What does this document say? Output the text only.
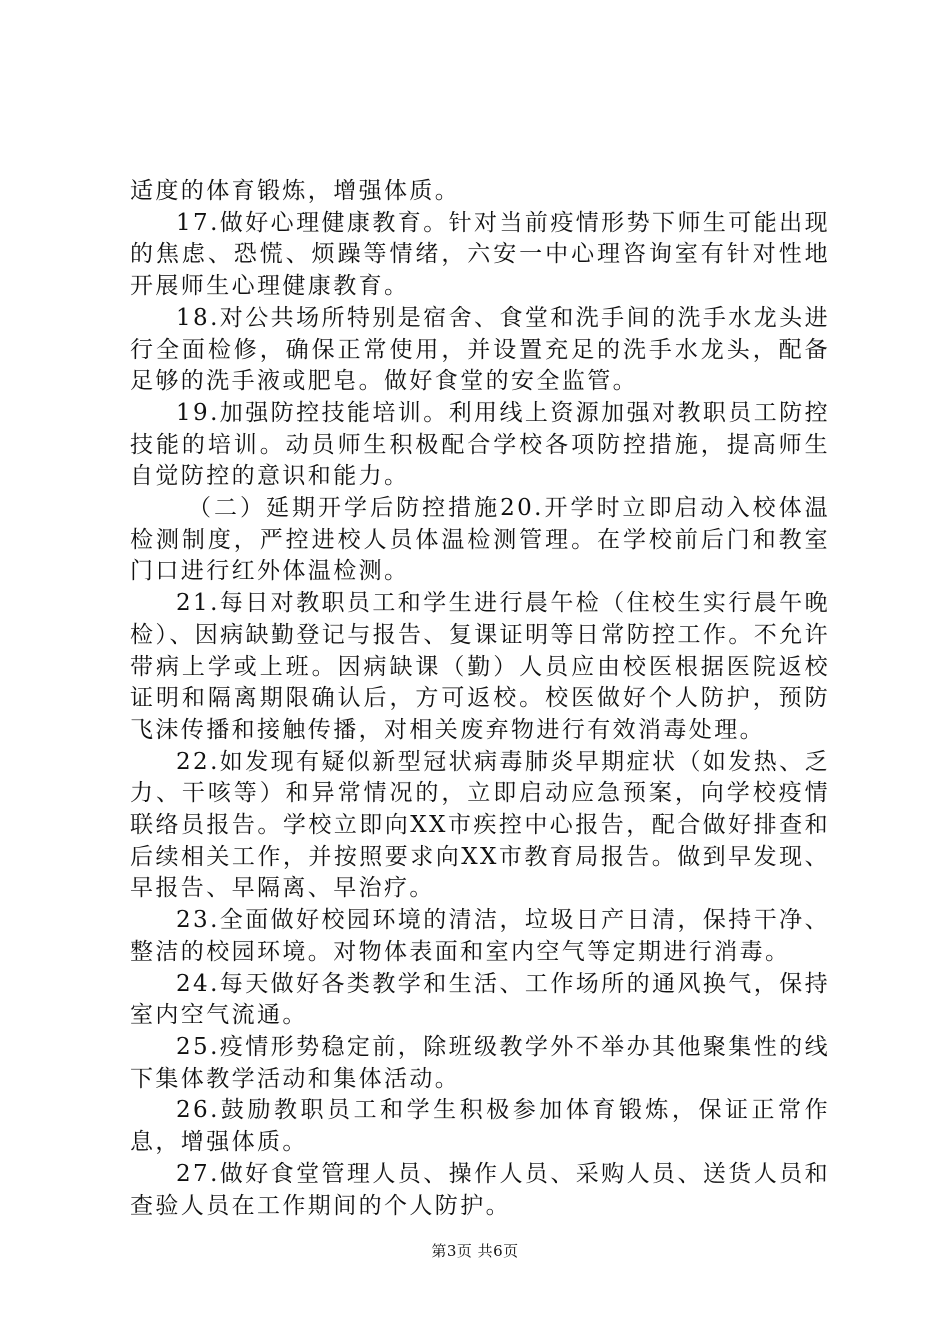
适度的体育锻炼，增强体质。

17.做好心理健康教育。针对当前疫情形势下师生可能出现的焦虑、恐慌、烦躁等情绪，六安一中心理咨询室有针对性地开展师生心理健康教育。

18.对公共场所特别是宿舍、食堂和洗手间的洗手水龙头进行全面检修，确保正常使用，并设置充足的洗手水龙头，配备足够的洗手液或肥皂。做好食堂的安全监管。

19.加强防控技能培训。利用线上资源加强对教职员工防控技能的培训。动员师生积极配合学校各项防控措施，提高师生自觉防控的意识和能力。

（二）延期开学后防控措施20.开学时立即启动入校体温检测制度，严控进校人员体温检测管理。在学校前后门和教室门口进行红外体温检测。

21.每日对教职员工和学生进行晨午检（住校生实行晨午晚检）、因病缺勤登记与报告、复课证明等日常防控工作。不允许带病上学或上班。因病缺课（勤）人员应由校医根据医院返校证明和隔离期限确认后，方可返校。校医做好个人防护，预防飞沫传播和接触传播，对相关废弃物进行有效消毒处理。

22.如发现有疑似新型冠状病毒肺炎早期症状（如发热、乏力、干咳等）和异常情况的，立即启动应急预案，向学校疫情联络员报告。学校立即向XX市疾控中心报告，配合做好排查和后续相关工作，并按照要求向XX市教育局报告。做到早发现、早报告、早隔离、早治疗。

23.全面做好校园环境的清洁，垃圾日产日清，保持干净、整洁的校园环境。对物体表面和室内空气等定期进行消毒。

24.每天做好各类教学和生活、工作场所的通风换气，保持室内空气流通。

25.疫情形势稳定前，除班级教学外不举办其他聚集性的线下集体教学活动和集体活动。

26.鼓励教职员工和学生积极参加体育锻炼，保证正常作息，增强体质。

27.做好食堂管理人员、操作人员、采购人员、送货人员和查验人员在工作期间的个人防护。

第3页 共6页
